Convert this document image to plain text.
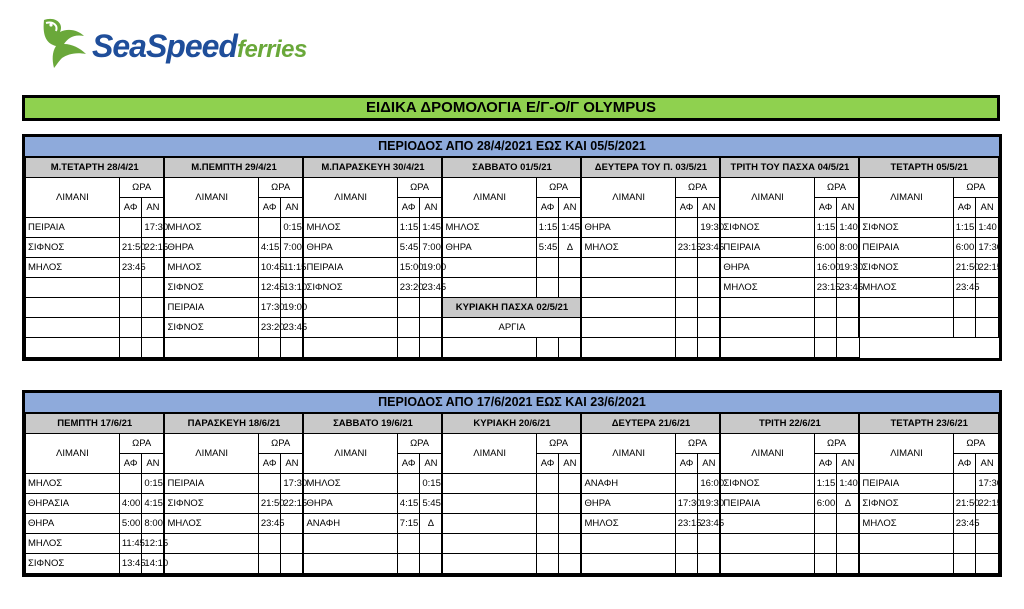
SeaSpeedferries
ΕΙΔΙΚΑ ΔΡΟΜΟΛΟΓΙΑ Ε/Γ-Ο/Γ OLYMPUS
ΠΕΡΙΟΔΟΣ ΑΠΟ 28/4/2021 ΕΩΣ ΚΑΙ 05/5/2021
Μ.ΤΕΤΑΡΤΗ 28/4/21			Μ.ΠΕΜΠΤΗ 29/4/21			Μ.ΠΑΡΑΣΚΕΥΗ 30/4/21			ΣΑΒΒΑΤΟ 01/5/21			ΔΕΥΤΕΡΑ ΤΟΥ Π. 03/5/21			ΤΡΙΤΗ ΤΟΥ ΠΑΣΧΑ 04/5/21			ΤΕΤΑΡΤΗ 05/5/21		
ΛΙΜΑΝΙ	ΩΡΑ		ΛΙΜΑΝΙ	ΩΡΑ		ΛΙΜΑΝΙ	ΩΡΑ		ΛΙΜΑΝΙ	ΩΡΑ		ΛΙΜΑΝΙ	ΩΡΑ		ΛΙΜΑΝΙ	ΩΡΑ		ΛΙΜΑΝΙ	ΩΡΑ	
	ΑΦ	ΑΝ		ΑΦ	ΑΝ		ΑΦ	ΑΝ		ΑΦ	ΑΝ		ΑΦ	ΑΝ		ΑΦ	ΑΝ		ΑΦ	ΑΝ
ΠΕΙΡΑΙΑ		17:30	ΜΗΛΟΣ		0:15	ΜΗΛΟΣ	1:15	1:45	ΜΗΛΟΣ	1:15	1:45	ΘΗΡΑ		19:30	ΣΙΦΝΟΣ	1:15	1:40	ΣΙΦΝΟΣ	1:15	1:40
ΣΙΦΝΟΣ	21:50	22:15	ΘΗΡΑ	4:15	7:00	ΘΗΡΑ	5:45	7:00	ΘΗΡΑ	5:45	Δ	ΜΗΛΟΣ	23:15	23:45	ΠΕΙΡΑΙΑ	6:00	8:00	ΠΕΙΡΑΙΑ	6:00	17:30
ΜΗΛΟΣ	23:45		ΜΗΛΟΣ	10:45	11:15	ΠΕΙΡΑΙΑ	15:00	19:00							ΘΗΡΑ	16:00	19:30	ΣΙΦΝΟΣ	21:50	22:15
			ΣΙΦΝΟΣ	12:45	13:10	ΣΙΦΝΟΣ	23:20	23:45							ΜΗΛΟΣ	23:15	23:45	ΜΗΛΟΣ	23:45	
			ΠΕΙΡΑΙΑ	17:30	19:00				ΚΥΡΙΑΚΗ ΠΑΣΧΑ 02/5/21											
			ΣΙΦΝΟΣ	23:20	23:45				ΑΡΓΙΑ											

ΠΕΡΙΟΔΟΣ ΑΠΟ 17/6/2021 ΕΩΣ ΚΑΙ 23/6/2021
ΠΕΜΠΤΗ 17/6/21			ΠΑΡΑΣΚΕΥΗ 18/6/21			ΣΑΒΒΑΤΟ 19/6/21			ΚΥΡΙΑΚΗ 20/6/21			ΔΕΥΤΕΡΑ 21/6/21			ΤΡΙΤΗ 22/6/21			ΤΕΤΑΡΤΗ 23/6/21		
ΛΙΜΑΝΙ	ΩΡΑ		ΛΙΜΑΝΙ	ΩΡΑ		ΛΙΜΑΝΙ	ΩΡΑ		ΛΙΜΑΝΙ	ΩΡΑ		ΛΙΜΑΝΙ	ΩΡΑ		ΛΙΜΑΝΙ	ΩΡΑ		ΛΙΜΑΝΙ	ΩΡΑ	
	ΑΦ	ΑΝ		ΑΦ	ΑΝ		ΑΦ	ΑΝ		ΑΦ	ΑΝ		ΑΦ	ΑΝ		ΑΦ	ΑΝ		ΑΦ	ΑΝ
ΜΗΛΟΣ		0:15	ΠΕΙΡΑΙΑ		17:30	ΜΗΛΟΣ		0:15				ΑΝΑΦΗ		16:00	ΣΙΦΝΟΣ	1:15	1:40	ΠΕΙΡΑΙΑ		17:30
ΘΗΡΑΣΙΑ	4:00	4:15	ΣΙΦΝΟΣ	21:50	22:15	ΘΗΡΑ	4:15	5:45				ΘΗΡΑ	17:30	19:30	ΠΕΙΡΑΙΑ	6:00	Δ	ΣΙΦΝΟΣ	21:50	22:15
ΘΗΡΑ	5:00	8:00	ΜΗΛΟΣ	23:45		ΑΝΑΦΗ	7:15	Δ				ΜΗΛΟΣ	23:15	23:45				ΜΗΛΟΣ	23:45	
ΜΗΛΟΣ	11:45	12:15																		
ΣΙΦΝΟΣ	13:45	14:10																		
